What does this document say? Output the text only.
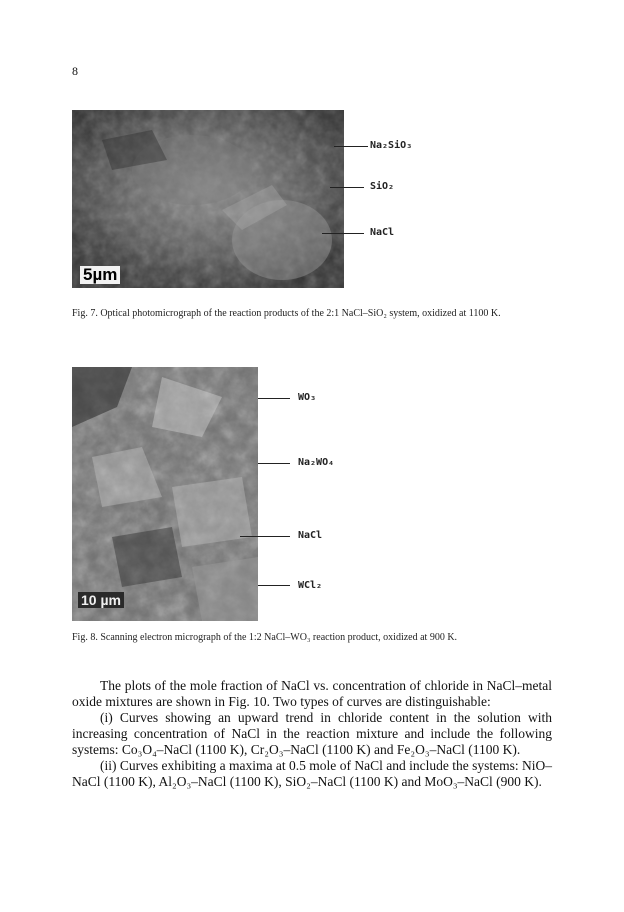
8
5µm
Na₂SiO₃
SiO₂
NaCl
Fig. 7. Optical photomicrograph of the reaction products of the 2:1 NaCl–SiO₂ system, oxidized at 1100 K.
10 µm
WO₃
Na₂WO₄
NaCl
WCl₂
Fig. 8. Scanning electron micrograph of the 1:2 NaCl–WO₃ reaction product, oxidized at 900 K.

The plots of the mole fraction of NaCl vs. concentration of chloride in NaCl–metal oxide mixtures are shown in Fig. 10. Two types of curves are distinguishable:

(i) Curves showing an upward trend in chloride content in the solution with increasing concentration of NaCl in the reaction mixture and include the following systems: Co₃O₄–NaCl (1100 K), Cr₂O₃–NaCl (1100 K) and Fe₂O₃–NaCl (1100 K).

(ii) Curves exhibiting a maxima at 0.5 mole of NaCl and include the systems: NiO–NaCl (1100 K), Al₂O₃–NaCl (1100 K), SiO₂–NaCl (1100 K) and MoO₃–NaCl (900 K).
